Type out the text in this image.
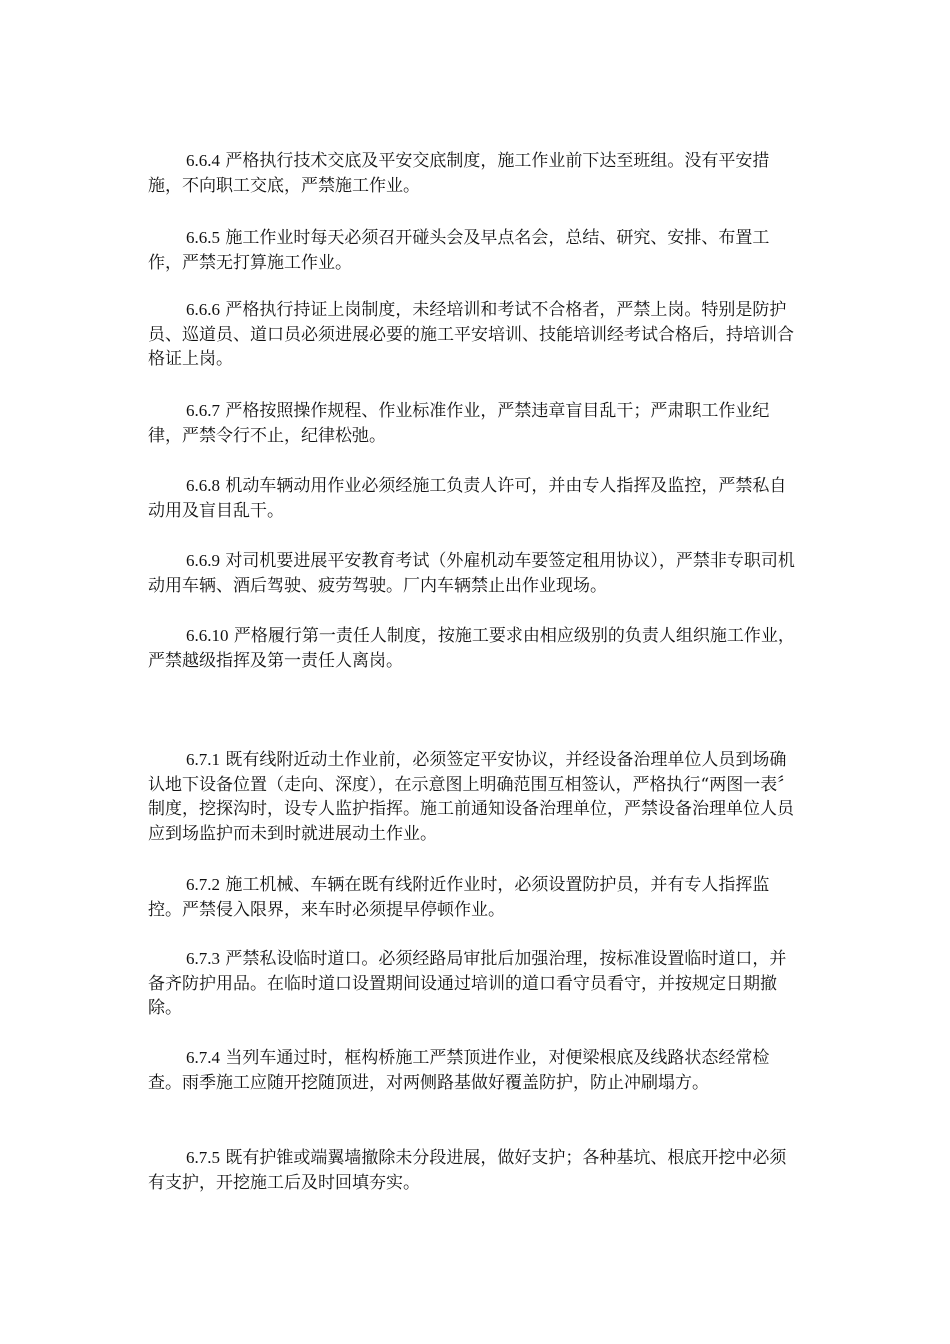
6.6.4 严格执行技术交底及平安交底制度，施工作业前下达至班组。没有平安措施，不向职工交底，严禁施工作业。

6.6.5 施工作业时每天必须召开碰头会及早点名会，总结、研究、安排、布置工作，严禁无打算施工作业。

6.6.6 严格执行持证上岗制度，未经培训和考试不合格者，严禁上岗。特别是防护员、巡道员、道口员必须进展必要的施工平安培训、技能培训经考试合格后，持培训合格证上岗。

6.6.7 严格按照操作规程、作业标准作业，严禁违章盲目乱干；严肃职工作业纪律，严禁令行不止，纪律松弛。

6.6.8 机动车辆动用作业必须经施工负责人许可，并由专人指挥及监控，严禁私自动用及盲目乱干。

6.6.9 对司机要进展平安教育考试（外雇机动车要签定租用协议），严禁非专职司机动用车辆、酒后驾驶、疲劳驾驶。厂内车辆禁止出作业现场。

6.6.10 严格履行第一责任人制度，按施工要求由相应级别的负责人组织施工作业，严禁越级指挥及第一责任人离岗。

6.7.1 既有线附近动土作业前，必须签定平安协议，并经设备治理单位人员到场确认地下设备位置（走向、深度），在示意图上明确范围互相签认，严格执行“两图一表〞制度，挖探沟时，设专人监护指挥。施工前通知设备治理单位，严禁设备治理单位人员应到场监护而未到时就进展动土作业。

6.7.2 施工机械、车辆在既有线附近作业时，必须设置防护员，并有专人指挥监控。严禁侵入限界，来车时必须提早停顿作业。

6.7.3 严禁私设临时道口。必须经路局审批后加强治理，按标准设置临时道口，并备齐防护用品。在临时道口设置期间设通过培训的道口看守员看守，并按规定日期撤除。

6.7.4 当列车通过时，框构桥施工严禁顶进作业，对便梁根底及线路状态经常检查。雨季施工应随开挖随顶进，对两侧路基做好覆盖防护，防止冲刷塌方。

6.7.5 既有护锥或端翼墙撤除未分段进展，做好支护；各种基坑、根底开挖中必须有支护，开挖施工后及时回填夯实。
